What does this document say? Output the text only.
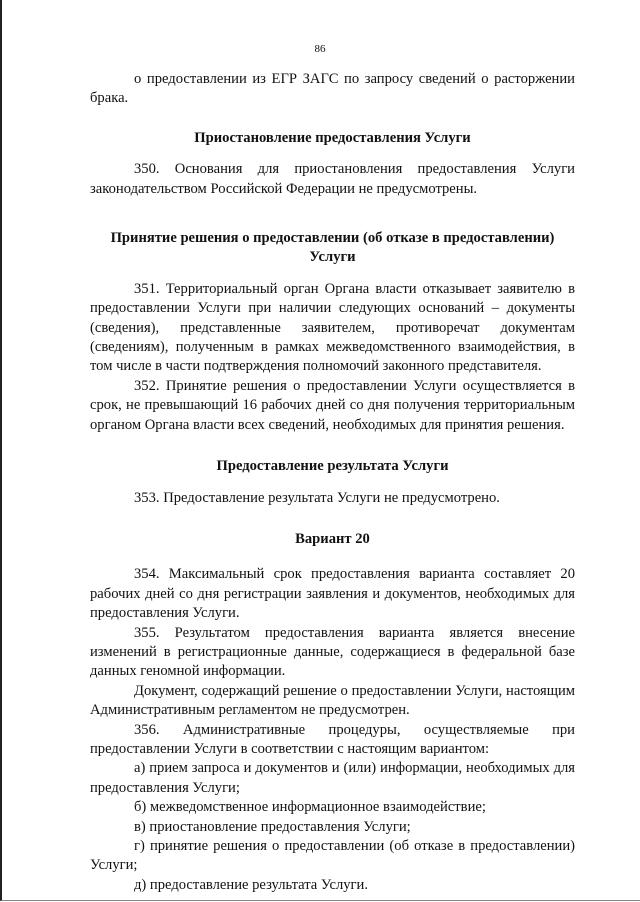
86

о предоставлении из ЕГР ЗАГС по запросу сведений о расторжении брака.

Приостановление предоставления Услуги

350. Основания для приостановления предоставления Услуги законодательством Российской Федерации не предусмотрены.

Принятие решения о предоставлении (об отказе в предоставлении) Услуги

351. Территориальный орган Органа власти отказывает заявителю в предоставлении Услуги при наличии следующих оснований – документы (сведения), представленные заявителем, противоречат документам (сведениям), полученным в рамках межведомственного взаимодействия, в том числе в части подтверждения полномочий законного представителя.

352. Принятие решения о предоставлении Услуги осуществляется в срок, не превышающий 16 рабочих дней со дня получения территориальным органом Органа власти всех сведений, необходимых для принятия решения.

Предоставление результата Услуги

353. Предоставление результата Услуги не предусмотрено.

Вариант 20

354. Максимальный срок предоставления варианта составляет 20 рабочих дней со дня регистрации заявления и документов, необходимых для предоставления Услуги.

355. Результатом предоставления варианта является внесение изменений в регистрационные данные, содержащиеся в федеральной базе данных геномной информации.

Документ, содержащий решение о предоставлении Услуги, настоящим Административным регламентом не предусмотрен.

356. Административные процедуры, осуществляемые при предоставлении Услуги в соответствии с настоящим вариантом:

а) прием запроса и документов и (или) информации, необходимых для предоставления Услуги;

б) межведомственное информационное взаимодействие;

в) приостановление предоставления Услуги;

г) принятие решения о предоставлении (об отказе в предоставлении) Услуги;

д) предоставление результата Услуги.
